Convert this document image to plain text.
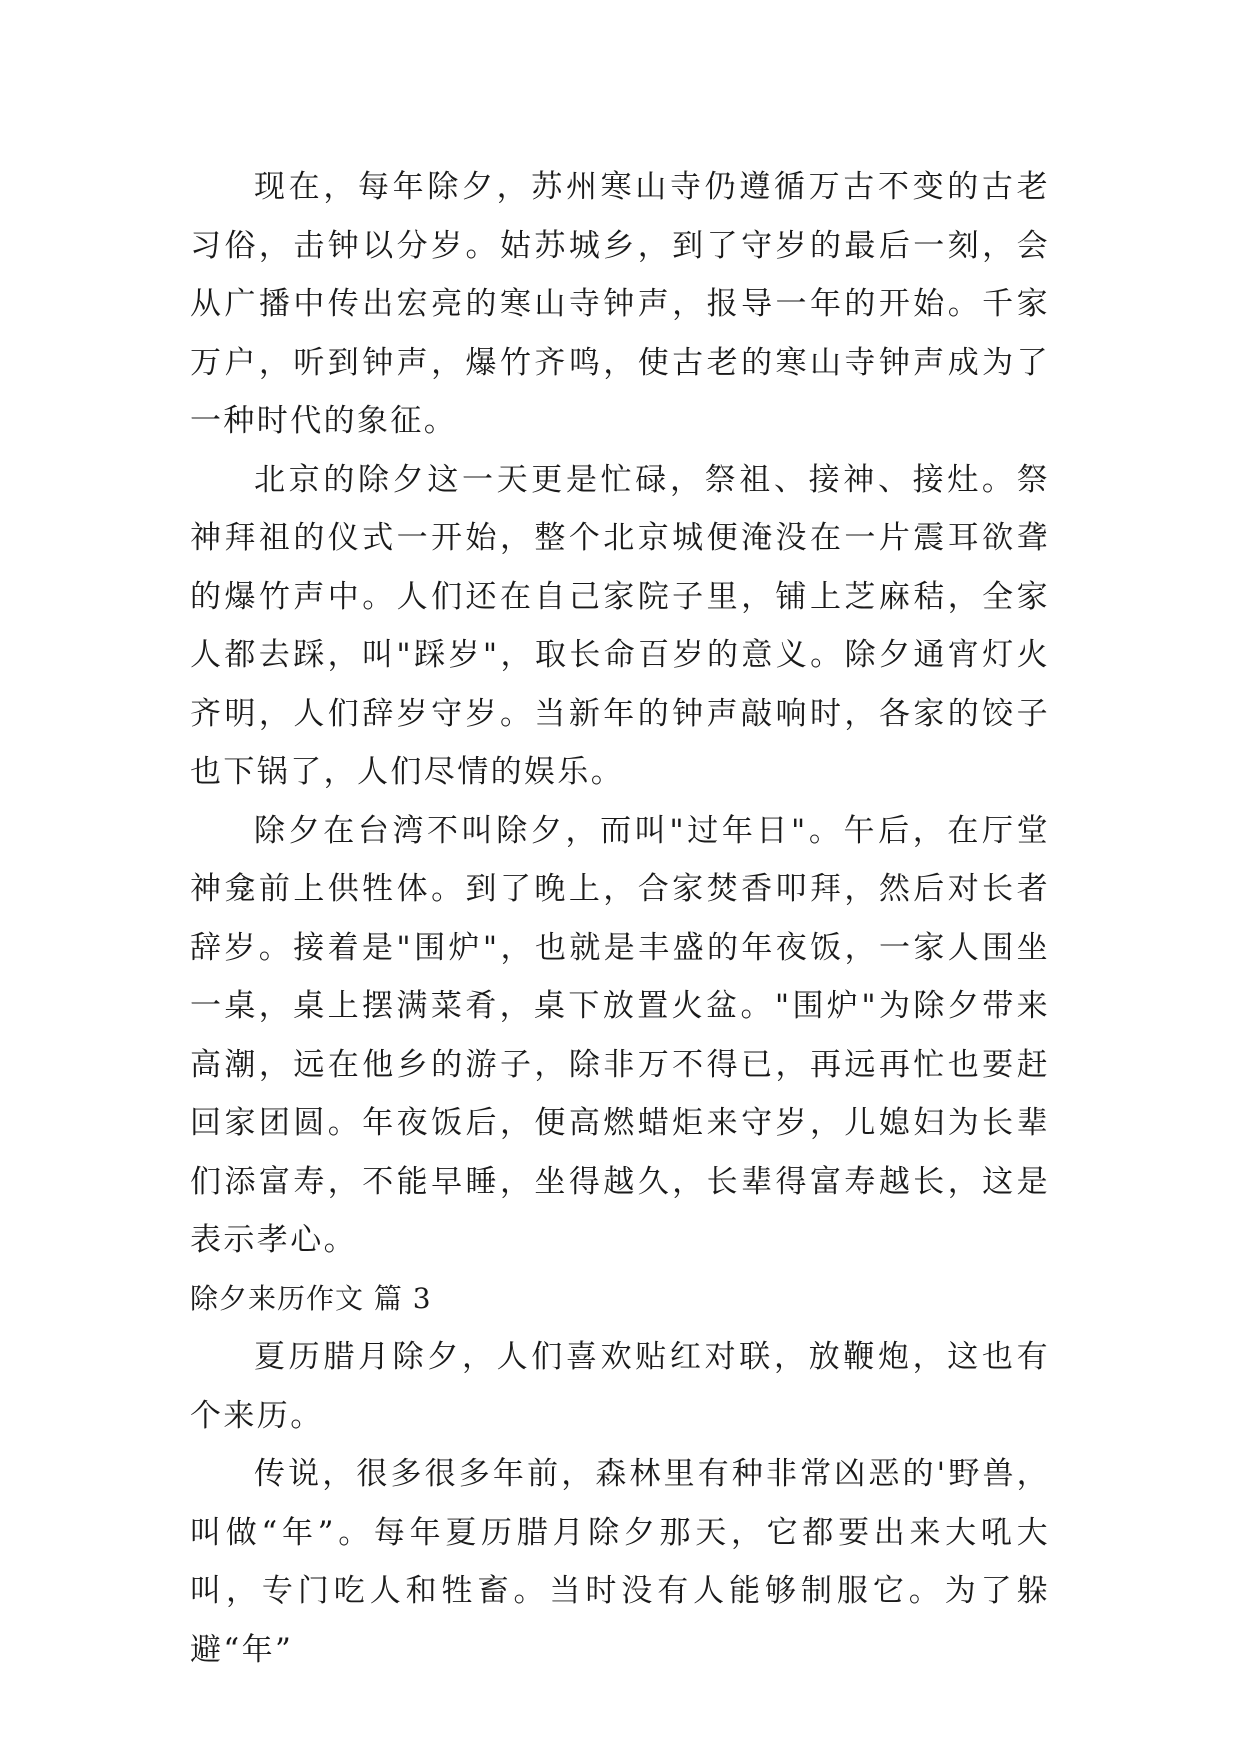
现在，每年除夕，苏州寒山寺仍遵循万古不变的古老习俗，击钟以分岁。姑苏城乡，到了守岁的最后一刻，会从广播中传出宏亮的寒山寺钟声，报导一年的开始。千家万户，听到钟声，爆竹齐鸣，使古老的寒山寺钟声成为了一种时代的象征。

北京的除夕这一天更是忙碌，祭祖、接神、接灶。祭神拜祖的仪式一开始，整个北京城便淹没在一片震耳欲聋的爆竹声中。人们还在自己家院子里，铺上芝麻秸，全家人都去踩，叫"踩岁"，取长命百岁的意义。除夕通宵灯火齐明，人们辞岁守岁。当新年的钟声敲响时，各家的饺子也下锅了，人们尽情的娱乐。

除夕在台湾不叫除夕，而叫"过年日"。午后，在厅堂神龛前上供牲体。到了晚上，合家焚香叩拜，然后对长者辞岁。接着是"围炉"，也就是丰盛的年夜饭，一家人围坐一桌，桌上摆满菜肴，桌下放置火盆。"围炉"为除夕带来高潮，远在他乡的游子，除非万不得已，再远再忙也要赶回家团圆。年夜饭后，便高燃蜡炬来守岁，儿媳妇为长辈们添富寿，不能早睡，坐得越久，长辈得富寿越长，这是表示孝心。

除夕来历作文 篇 3

夏历腊月除夕，人们喜欢贴红对联，放鞭炮，这也有个来历。

传说，很多很多年前，森林里有种非常凶恶的'野兽，叫做“年”。每年夏历腊月除夕那天，它都要出来大吼大叫，专门吃人和牲畜。当时没有人能够制服它。为了躲避“年”
